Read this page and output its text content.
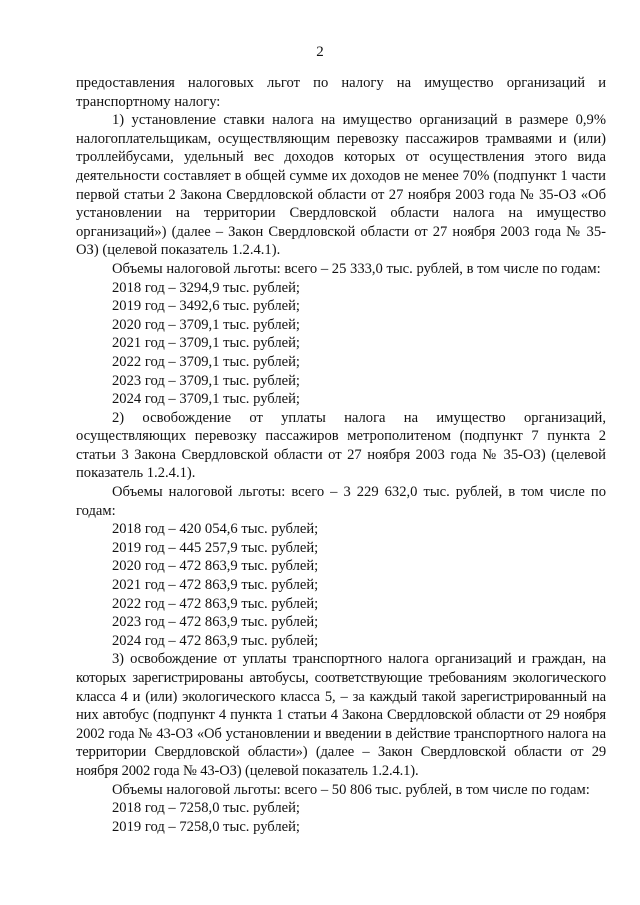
2

предоставления налоговых льгот по налогу на имущество организаций и транспортному налогу:

1) установление ставки налога на имущество организаций в размере 0,9% налогоплательщикам, осуществляющим перевозку пассажиров трамваями и (или) троллейбусами, удельный вес доходов которых от осуществления этого вида деятельности составляет в общей сумме их доходов не менее 70% (подпункт 1 части первой статьи 2 Закона Свердловской области от 27 ноября 2003 года № 35-ОЗ «Об установлении на территории Свердловской области налога на имущество организаций») (далее – Закон Свердловской области от 27 ноября 2003 года № 35-ОЗ) (целевой показатель 1.2.4.1).

Объемы налоговой льготы: всего – 25 333,0 тыс. рублей, в том числе по годам:

2018 год – 3294,9 тыс. рублей;

2019 год – 3492,6 тыс. рублей;

2020 год – 3709,1 тыс. рублей;

2021 год – 3709,1 тыс. рублей;

2022 год – 3709,1 тыс. рублей;

2023 год – 3709,1 тыс. рублей;

2024 год – 3709,1 тыс. рублей;

2) освобождение от уплаты налога на имущество организаций, осуществляющих перевозку пассажиров метрополитеном (подпункт 7 пункта 2 статьи 3 Закона Свердловской области от 27 ноября 2003 года № 35-ОЗ) (целевой показатель 1.2.4.1).

Объемы налоговой льготы: всего – 3 229 632,0 тыс. рублей, в том числе по годам:

2018 год – 420 054,6 тыс. рублей;

2019 год – 445 257,9 тыс. рублей;

2020 год – 472 863,9 тыс. рублей;

2021 год – 472 863,9 тыс. рублей;

2022 год – 472 863,9 тыс. рублей;

2023 год – 472 863,9 тыс. рублей;

2024 год – 472 863,9 тыс. рублей;

3) освобождение от уплаты транспортного налога организаций и граждан, на которых зарегистрированы автобусы, соответствующие требованиям экологического класса 4 и (или) экологического класса 5, – за каждый такой зарегистрированный на них автобус (подпункт 4 пункта 1 статьи 4 Закона Свердловской области от 29 ноября 2002 года № 43-ОЗ «Об установлении и введении в действие транспортного налога на территории Свердловской области») (далее – Закон Свердловской области от 29 ноября 2002 года № 43-ОЗ) (целевой показатель 1.2.4.1).

Объемы налоговой льготы: всего – 50 806 тыс. рублей, в том числе по годам:

2018 год – 7258,0 тыс. рублей;

2019 год – 7258,0 тыс. рублей;
